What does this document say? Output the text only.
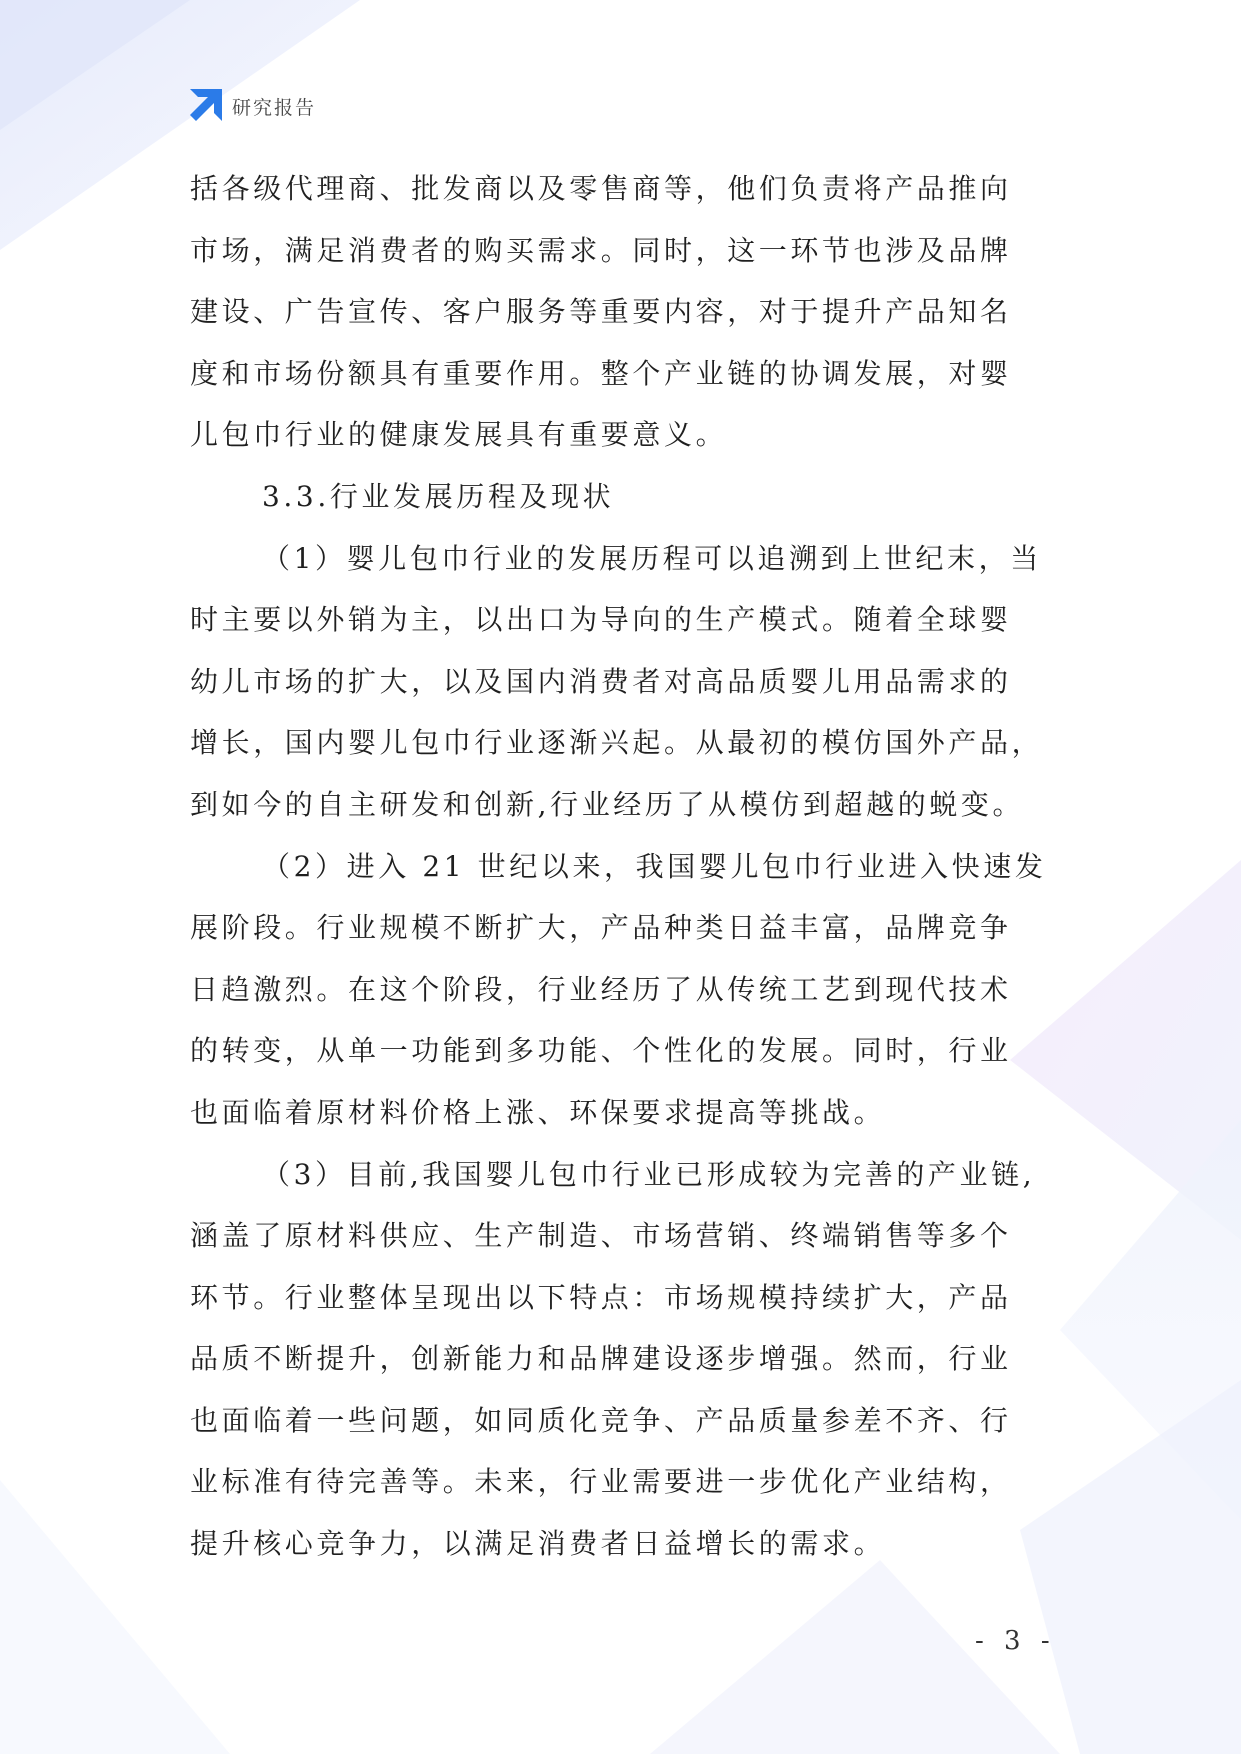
研究报告
括各级代理商、批发商以及零售商等，他们负责将产品推向
市场，满足消费者的购买需求。同时，这一环节也涉及品牌
建设、广告宣传、客户服务等重要内容，对于提升产品知名
度和市场份额具有重要作用。整个产业链的协调发展，对婴
儿包巾行业的健康发展具有重要意义。
3.3.行业发展历程及现状
（1）婴儿包巾行业的发展历程可以追溯到上世纪末，当
时主要以外销为主，以出口为导向的生产模式。随着全球婴
幼儿市场的扩大，以及国内消费者对高品质婴儿用品需求的
增长，国内婴儿包巾行业逐渐兴起。从最初的模仿国外产品，
到如今的自主研发和创新,行业经历了从模仿到超越的蜕变。
（2）进入 21 世纪以来，我国婴儿包巾行业进入快速发
展阶段。行业规模不断扩大，产品种类日益丰富，品牌竞争
日趋激烈。在这个阶段，行业经历了从传统工艺到现代技术
的转变，从单一功能到多功能、个性化的发展。同时，行业
也面临着原材料价格上涨、环保要求提高等挑战。
（3）目前,我国婴儿包巾行业已形成较为完善的产业链,
涵盖了原材料供应、生产制造、市场营销、终端销售等多个
环节。行业整体呈现出以下特点：市场规模持续扩大，产品
品质不断提升，创新能力和品牌建设逐步增强。然而，行业
也面临着一些问题，如同质化竞争、产品质量参差不齐、行
业标准有待完善等。未来，行业需要进一步优化产业结构，
提升核心竞争力，以满足消费者日益增长的需求。
- 3 -
